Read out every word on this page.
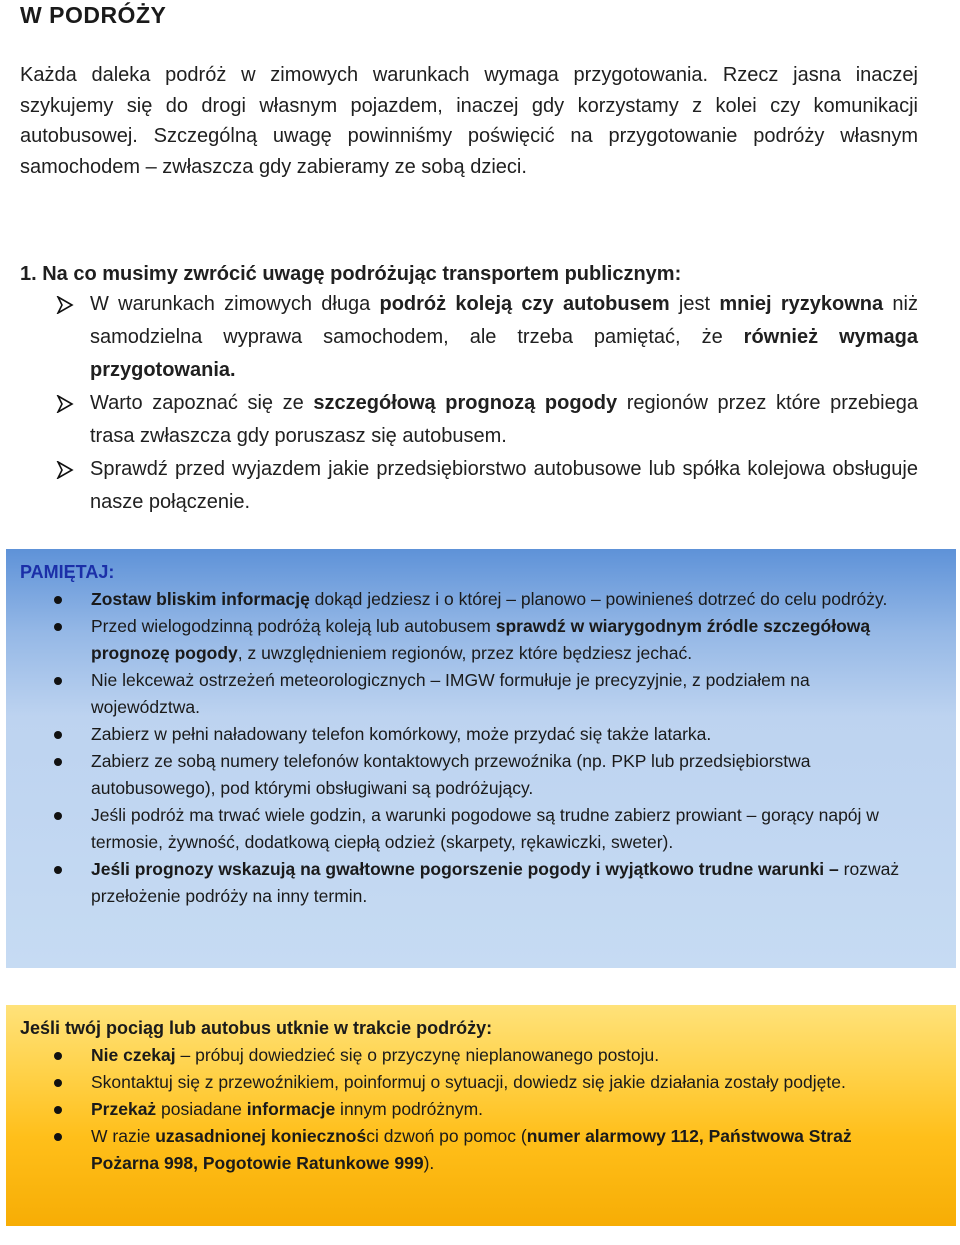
W PODRÓŻY
Każda daleka podróż w zimowych warunkach wymaga przygotowania. Rzecz jasna inaczej szykujemy się do drogi własnym pojazdem, inaczej gdy korzystamy z kolei czy komunikacji autobusowej. Szczególną uwagę powinniśmy poświęcić na przygotowanie podróży własnym samochodem – zwłaszcza gdy zabieramy ze sobą dzieci.
1. Na co musimy zwrócić uwagę podróżując transportem publicznym:
W warunkach zimowych długa podróż koleją czy autobusem jest mniej ryzykowna niż samodzielna wyprawa samochodem, ale trzeba pamiętać, że również wymaga przygotowania.
Warto zapoznać się ze szczegółową prognozą pogody regionów przez które przebiega trasa zwłaszcza gdy poruszasz się autobusem.
Sprawdź przed wyjazdem jakie przedsiębiorstwo autobusowe lub spółka kolejowa obsługuje nasze połączenie.
PAMIĘTAJ:
Zostaw bliskim informację dokąd jedziesz i o której – planowo – powinieneś dotrzeć do celu podróży.
Przed wielogodzinną podróżą koleją lub autobusem sprawdź w wiarygodnym źródle szczegółową prognozę pogody, z uwzględnieniem regionów, przez które będziesz jechać.
Nie lekceważ ostrzeżeń meteorologicznych – IMGW formułuje je precyzyjnie, z podziałem na województwa.
Zabierz w pełni naładowany telefon komórkowy, może przydać się także latarka.
Zabierz ze sobą numery telefonów kontaktowych przewoźnika (np. PKP lub przedsiębiorstwa autobusowego), pod którymi obsługiwani są podróżujący.
Jeśli podróż ma trwać wiele godzin, a warunki pogodowe są trudne zabierz prowiant – gorący napój w termosie, żywność, dodatkową ciepłą odzież (skarpety, rękawiczki, sweter).
Jeśli prognozy wskazują na gwałtowne pogorszenie pogody i wyjątkowo trudne warunki – rozważ przełożenie podróży na inny termin.
Jeśli twój pociąg lub autobus utknie w trakcie podróży:
Nie czekaj – próbuj dowiedzieć się o przyczynę nieplanowanego postoju.
Skontaktuj się z przewoźnikiem, poinformuj o sytuacji, dowiedz się jakie działania zostały podjęte.
Przekaż posiadane informacje innym podróżnym.
W razie uzasadnionej konieczności dzwoń po pomoc (numer alarmowy 112, Państwowa Straż Pożarna 998, Pogotowie Ratunkowe 999).
